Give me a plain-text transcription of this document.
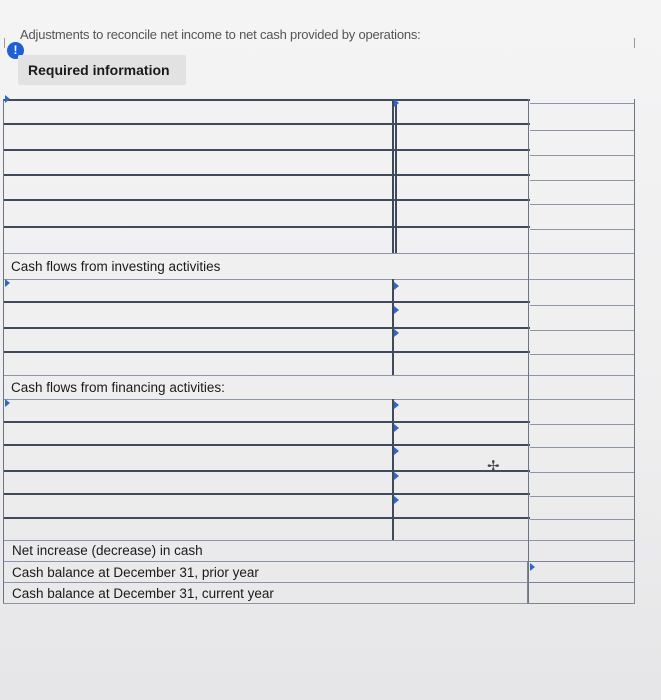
Adjustments to reconcile net income to net cash provided by operations:
!
Required information
Cash flows from investing activities
Cash flows from financing activities:
Net increase (decrease) in cash
Cash balance at December 31, prior year
Cash balance at December 31, current year
✢
